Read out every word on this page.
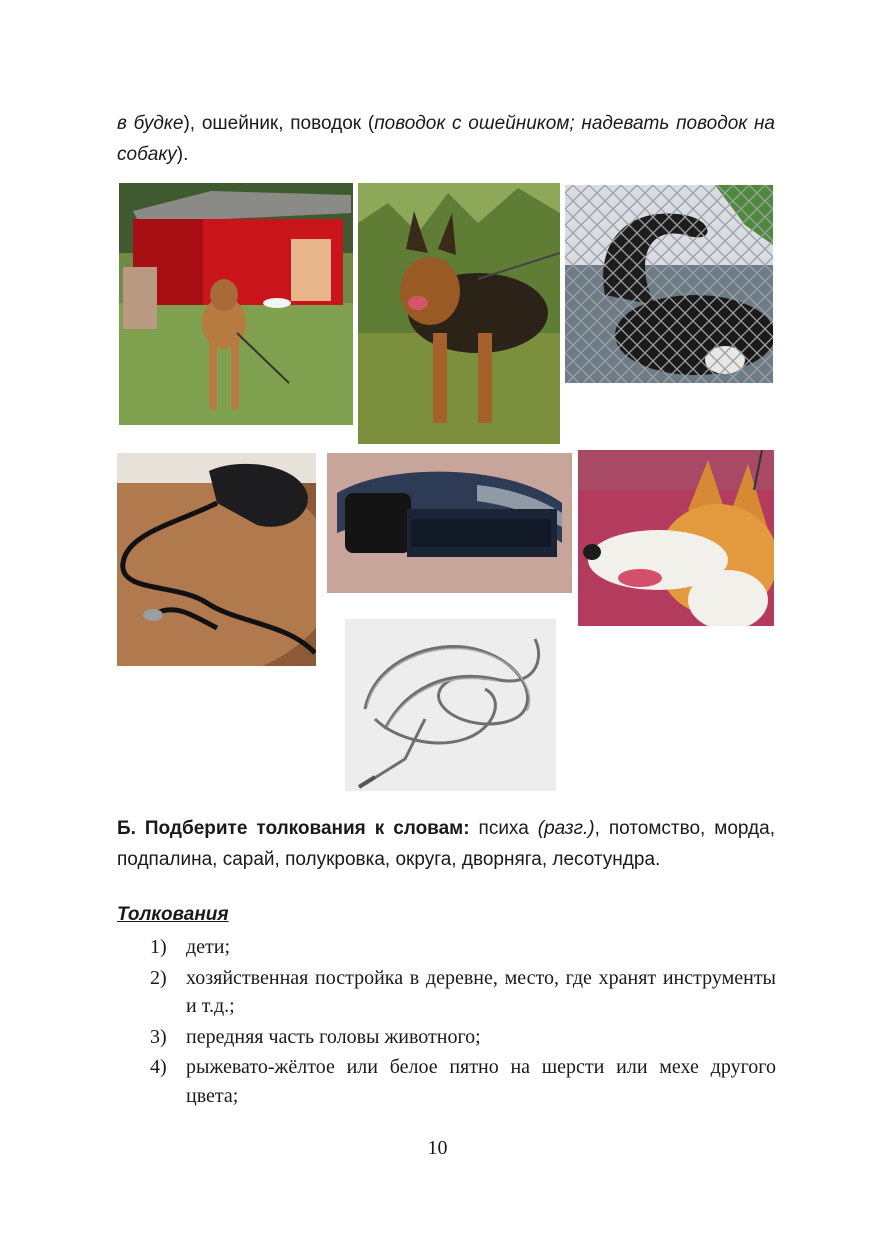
в будке), ошейник, поводок (поводок с ошейником; надевать поводок на собаку).

Б. Подберите толкования к словам: психа (разг.), потомство, морда, подпалина, сарай, полукровка, округа, дворняга, лесотундра.

Толкования
1) дети;
2) хозяйственная постройка в деревне, место, где хранят инструменты и т.д.;
3) передняя часть головы животного;
4) рыжевато-жёлтое или белое пятно на шерсти или мехе другого цвета;
10
